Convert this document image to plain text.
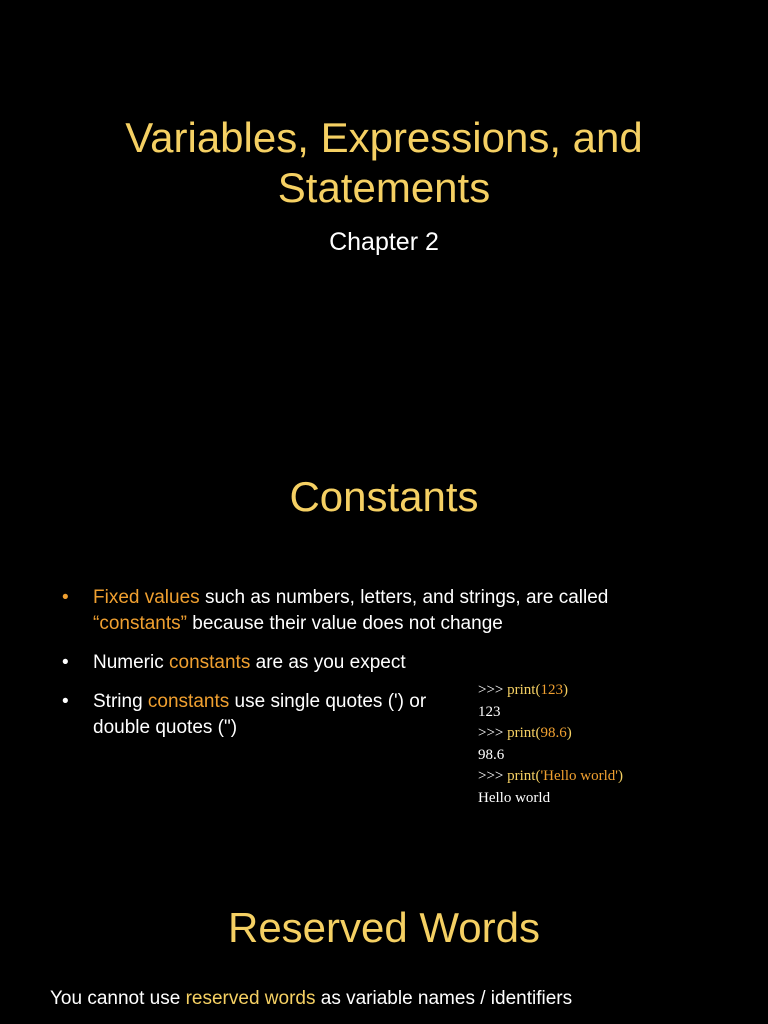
Variables, Expressions, and Statements
Chapter 2
Constants
• Fixed values such as numbers, letters, and strings, are called “constants” because their value does not change
• Numeric constants are as you expect
• String constants use single quotes (') or double quotes (")
>>> print(123)
123
>>> print(98.6)
98.6
>>> print('Hello world')
Hello world
Reserved Words
You cannot use reserved words as variable names / identifiers
